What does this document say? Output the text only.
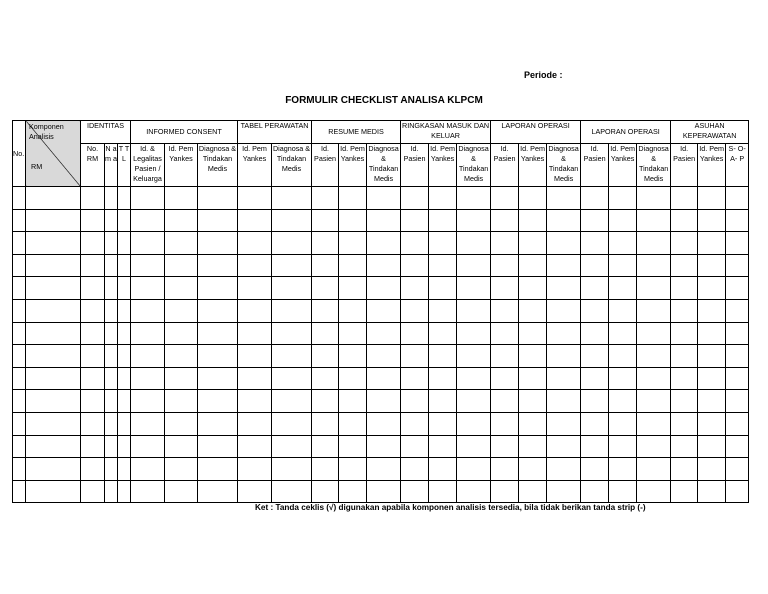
Periode :
FORMULIR CHECKLIST ANALISA KLPCM
No.	Komponen
Analisis
RM	IDENTITAS			INFORMED CONSENT			TABEL PERAWATAN		RESUME MEDIS			RINGKASAN MASUK DAN KELUAR			LAPORAN OPERASI			LAPORAN OPERASI			ASUHAN KEPERAWATAN		
		No. RM	N a m a	T T L	Id. & Legalitas Pasien / Keluarga	Id. Pem Yankes	Diagnosa & Tindakan Medis	Id. Pem Yankes	Diagnosa & Tindakan Medis	Id. Pasien	Id. Pem Yankes	Diagnosa & Tindakan Medis	Id. Pasien	Id. Pem Yankes	Diagnosa & Tindakan Medis	Id. Pasien	Id. Pem Yankes	Diagnosa & Tindakan Medis	Id. Pasien	Id. Pem Yankes	Diagnosa & Tindakan Medis	Id. Pasien	Id. Pem Yankes	S- O- A- P

Ket : Tanda ceklis (√) digunakan apabila komponen analisis tersedia, bila tidak berikan tanda strip (-)
